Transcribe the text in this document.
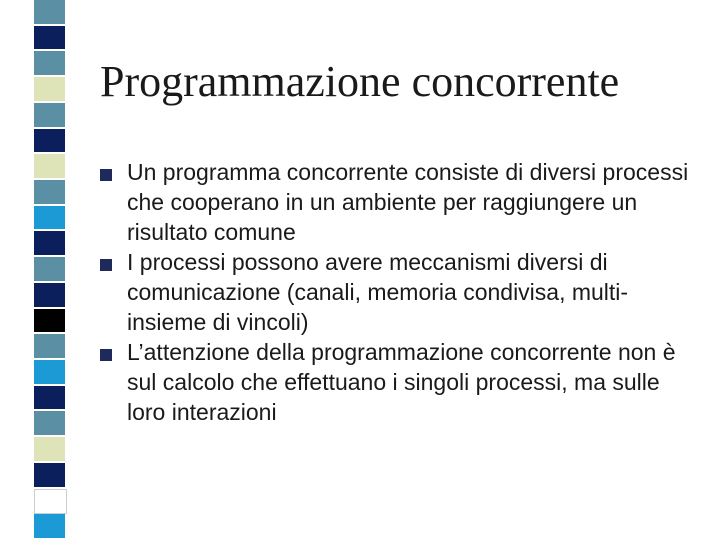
Programmazione concorrente
Un programma concorrente consiste di diversi processi che cooperano in un ambiente per raggiungere un risultato comune
I processi possono avere meccanismi diversi di comunicazione (canali, memoria condivisa, multi-insieme di vincoli)
L’attenzione della programmazione concorrente non è sul calcolo che effettuano i singoli processi, ma sulle loro interazioni
